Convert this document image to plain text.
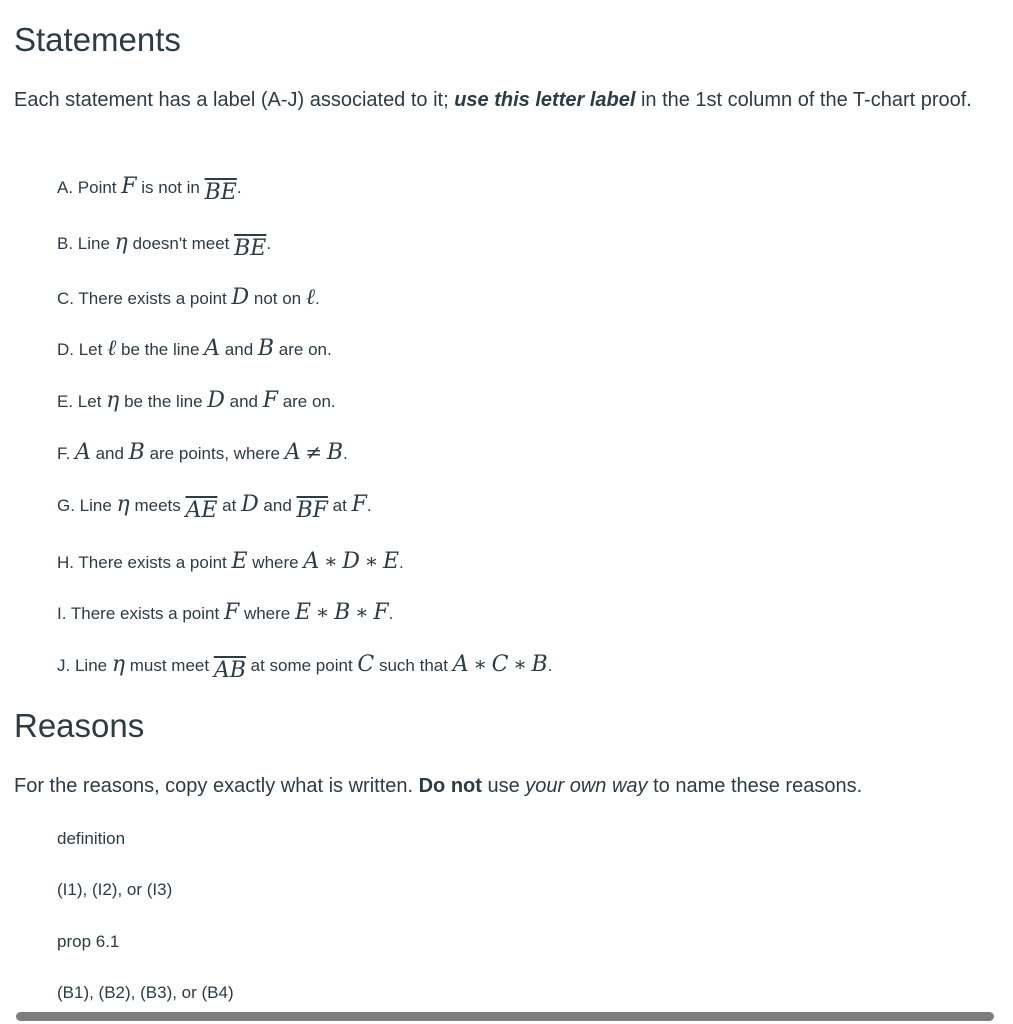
Statements

Each statement has a label (A-J) associated to it; use this letter label in the 1st column of the T-chart proof.

A. Point F is not in $\overline{BE}$.
B. Line η doesn't meet $\overline{BE}$.
C. There exists a point D not on ℓ.
D. Let ℓ be the line A and B are on.
E. Let η be the line D and F are on.
F. A and B are points, where A ≠ B.
G. Line η meets $\overline{AE}$ at D and $\overline{BF}$ at F.
H. There exists a point E where A ∗ D ∗ E.
I. There exists a point F where E ∗ B ∗ F.
J. Line η must meet $\overline{AB}$ at some point C such that A ∗ C ∗ B.
Reasons

For the reasons, copy exactly what is written. Do not use your own way to name these reasons.

definition
(I1), (I2), or (I3)
prop 6.1
(B1), (B2), (B3), or (B4)
